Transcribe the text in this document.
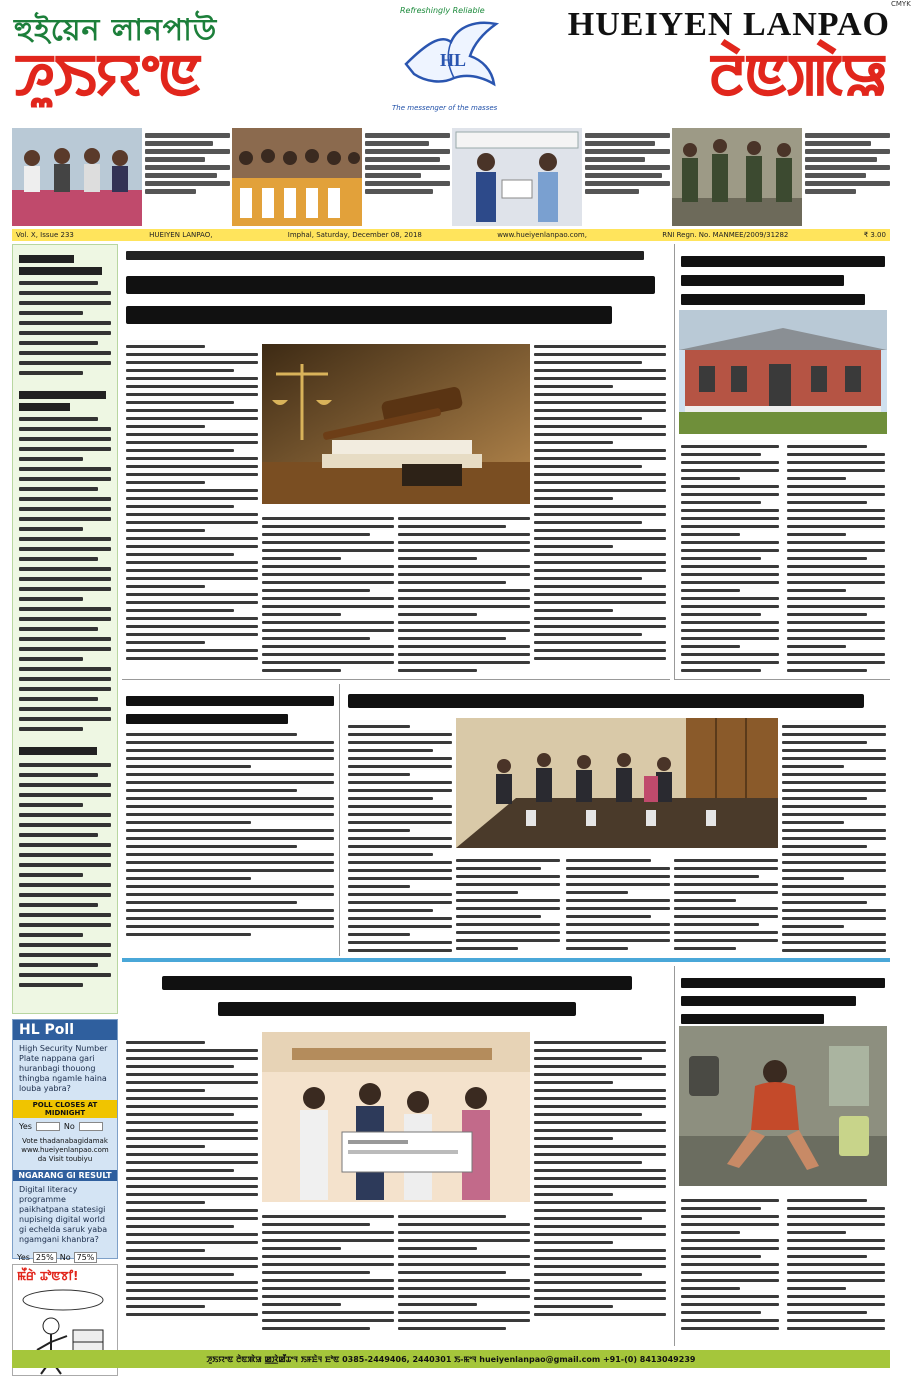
হুইয়েন লানপাউ	HUEIYEN LANPAO
ꯍꯨꯏꯌꯦꯟ	ꯂꯥꯟꯄꯥꯎ
HL
Refreshingly Reliable
The messenger of the masses
CMYK
Vol. X, Issue 233	HUEIYEN LANPAO,	Imphal, Saturday, December 08, 2018	www.hueiyenlanpao.com,	RNI Regn. No. MANMEE/2009/31282	₹ 3.00
HL Poll
High Security Number Plate nappana gari huranbagi thouong thingba ngamle haina louba yabra?
POLL CLOSES AT MIDNIGHT
Yes	No
Vote thadanabagidamak www.hueiyenlanpao.com da Visit toubiyu
NGARANG GI RESULT
Digital literacy programme paikhatpana statesigi nupising digital world gi echelda saruk yaba ngamgani khanbra?
Yes 25% No 75%
ꯃꯩꯔꯥ ꯊꯣꯟꯕꯤ!
ꯍꯨꯏꯌꯦꯟ ꯂꯥꯟꯄꯥꯎ ꯀ꯭ꯋꯥꯀꯩꯊꯦꯜ ꯏꯝꯐꯥꯜ ꯐꯣꯟ 0385-2449406, 2440301 ꯏ-ꯃꯦꯜ hueiyenlanpao@gmail.com +91-(0) 8413049239
